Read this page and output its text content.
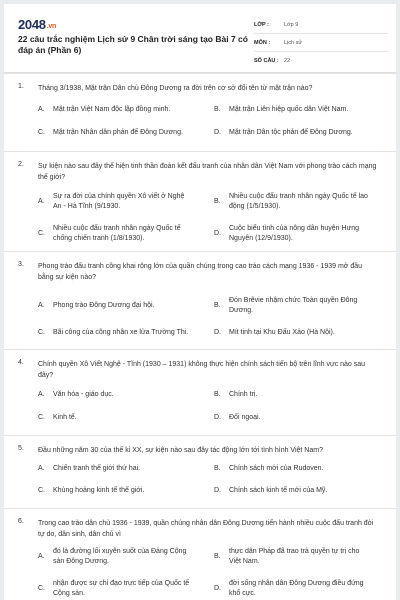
2048.vn
22 câu trắc nghiệm Lịch sử 9 Chân trời sáng tạo Bài 7 có đáp án (Phần 6)
LỚP :	Lớp 9
MÔN :	Lịch sử
SỐ CÂU : 22
1. Tháng 3/1938, Mặt trận Dân chủ Đông Dương ra đời trên cơ sở đổi tên từ mặt trận nào?
A.	Mặt trận Việt Nam độc lập đồng minh.	B.	Mặt trận Liên hiệp quốc dân Việt Nam.
C.	Mặt trận Nhân dân phản đế Đông Dương.	D.	Mặt trận Dân tộc phản đế Đông Dương.
2. Sự kiện nào sau đây thể hiện tinh thần đoàn kết đấu tranh của nhân dân Việt Nam với phong trào cách mạng thế giới?
A.
Sự ra đời của chính quyền Xô viết ở Nghệ An - Hà Tĩnh (9/1930.
B.
Nhiều cuộc đấu tranh nhân ngày Quốc tế lao động (1/5/1930).
C.
Nhiều cuộc đấu tranh nhân ngày Quốc tế chống chiến tranh (1/8/1930).
D.
Cuộc biểu tình của nông dân huyện Hưng Nguyên (12/9/1930).
3. Phong trào đấu tranh công khai rộng lớn của quần chúng trong cao trào cách mạng 1936 - 1939 mở đầu bằng sự kiện nào?
A.	Phong trào Đông Dương đại hội.	B.
Đón Brêvie nhậm chức Toàn quyền Đông Dương.
C.	Bãi công của công nhân xe lửa Trường Thi.	D.	Mít tinh tại Khu Đấu Xảo (Hà Nội).
4. Chính quyền Xô Viết Nghệ - Tĩnh (1930 – 1931) không thực hiện chính sách tiến bộ trên lĩnh vực nào sau đây?
A.	Văn hóa - giáo dục.	B.	Chính trị.
C.	Kinh tế.	D.	Đối ngoại.
5. Đầu những năm 30 của thế kỉ XX, sự kiện nào sau đây tác động lớn tới tình hình Việt Nam?
A.	Chiến tranh thế giới thứ hai.	B.	Chính sách mới của Rudoven.
C.	Khủng hoảng kinh tế thế giới.	D.	Chính sách kinh tế mới của Mỹ.
6. Trong cao trào dân chủ 1936 - 1939, quần chúng nhân dân Đông Dương tiến hành nhiều cuộc đấu tranh đòi tự do, dân sinh, dân chủ vì
A.
đó là đường lối xuyên suốt của Đảng Cộng sản Đông Dương.
B.
thực dân Pháp đã trao trả quyền tự trị cho Việt Nam.
C.
nhận được sự chỉ đạo trực tiếp của Quốc tế Cộng sản.
D.
đời sống nhân dân Đông Dương điều đứng khổ cực.
